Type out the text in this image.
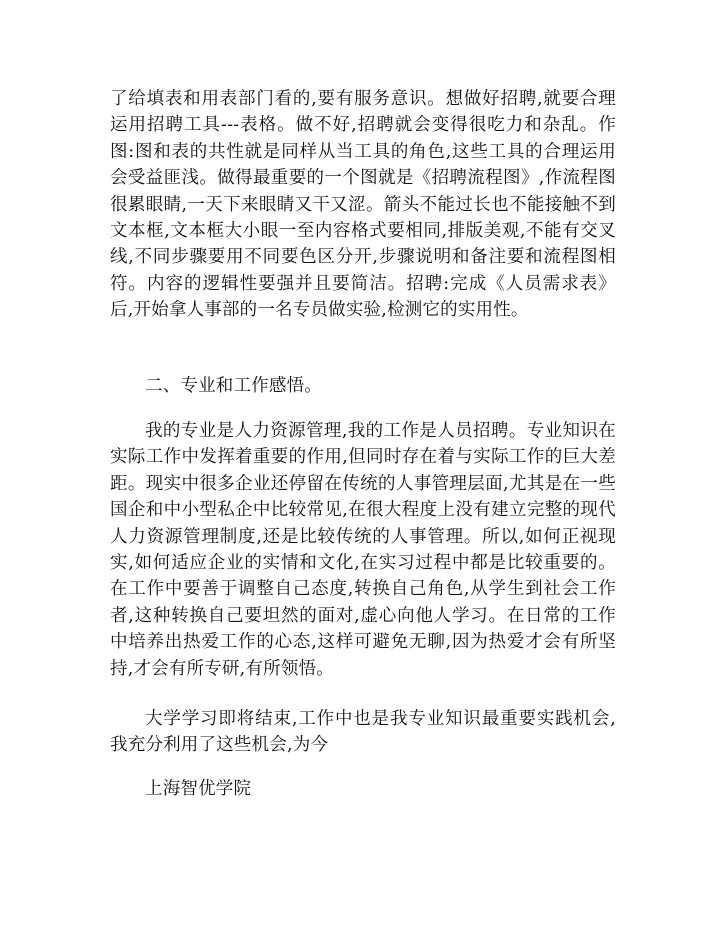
了给填表和用表部门看的,要有服务意识。想做好招聘,就要合理运用招聘工具---表格。做不好,招聘就会变得很吃力和杂乱。作图:图和表的共性就是同样从当工具的角色,这些工具的合理运用会受益匪浅。做得最重要的一个图就是《招聘流程图》,作流程图很累眼睛,一天下来眼睛又干又涩。箭头不能过长也不能接触不到文本框,文本框大小眼一至内容格式要相同,排版美观,不能有交叉线,不同步骤要用不同要色区分开,步骤说明和备注要和流程图相符。内容的逻辑性要强并且要简洁。招聘:完成《人员需求表》后,开始拿人事部的一名专员做实验,检测它的实用性。

二、专业和工作感悟。

我的专业是人力资源管理,我的工作是人员招聘。专业知识在实际工作中发挥着重要的作用,但同时存在着与实际工作的巨大差距。现实中很多企业还停留在传统的人事管理层面,尤其是在一些国企和中小型私企中比较常见,在很大程度上没有建立完整的现代人力资源管理制度,还是比较传统的人事管理。所以,如何正视现实,如何适应企业的实情和文化,在实习过程中都是比较重要的。在工作中要善于调整自己态度,转换自己角色,从学生到社会工作者,这种转换自己要坦然的面对,虚心向他人学习。在日常的工作中培养出热爱工作的心态,这样可避免无聊,因为热爱才会有所坚持,才会有所专研,有所领悟。

大学学习即将结束,工作中也是我专业知识最重要实践机会,我充分利用了这些机会,为今

上海智优学院
